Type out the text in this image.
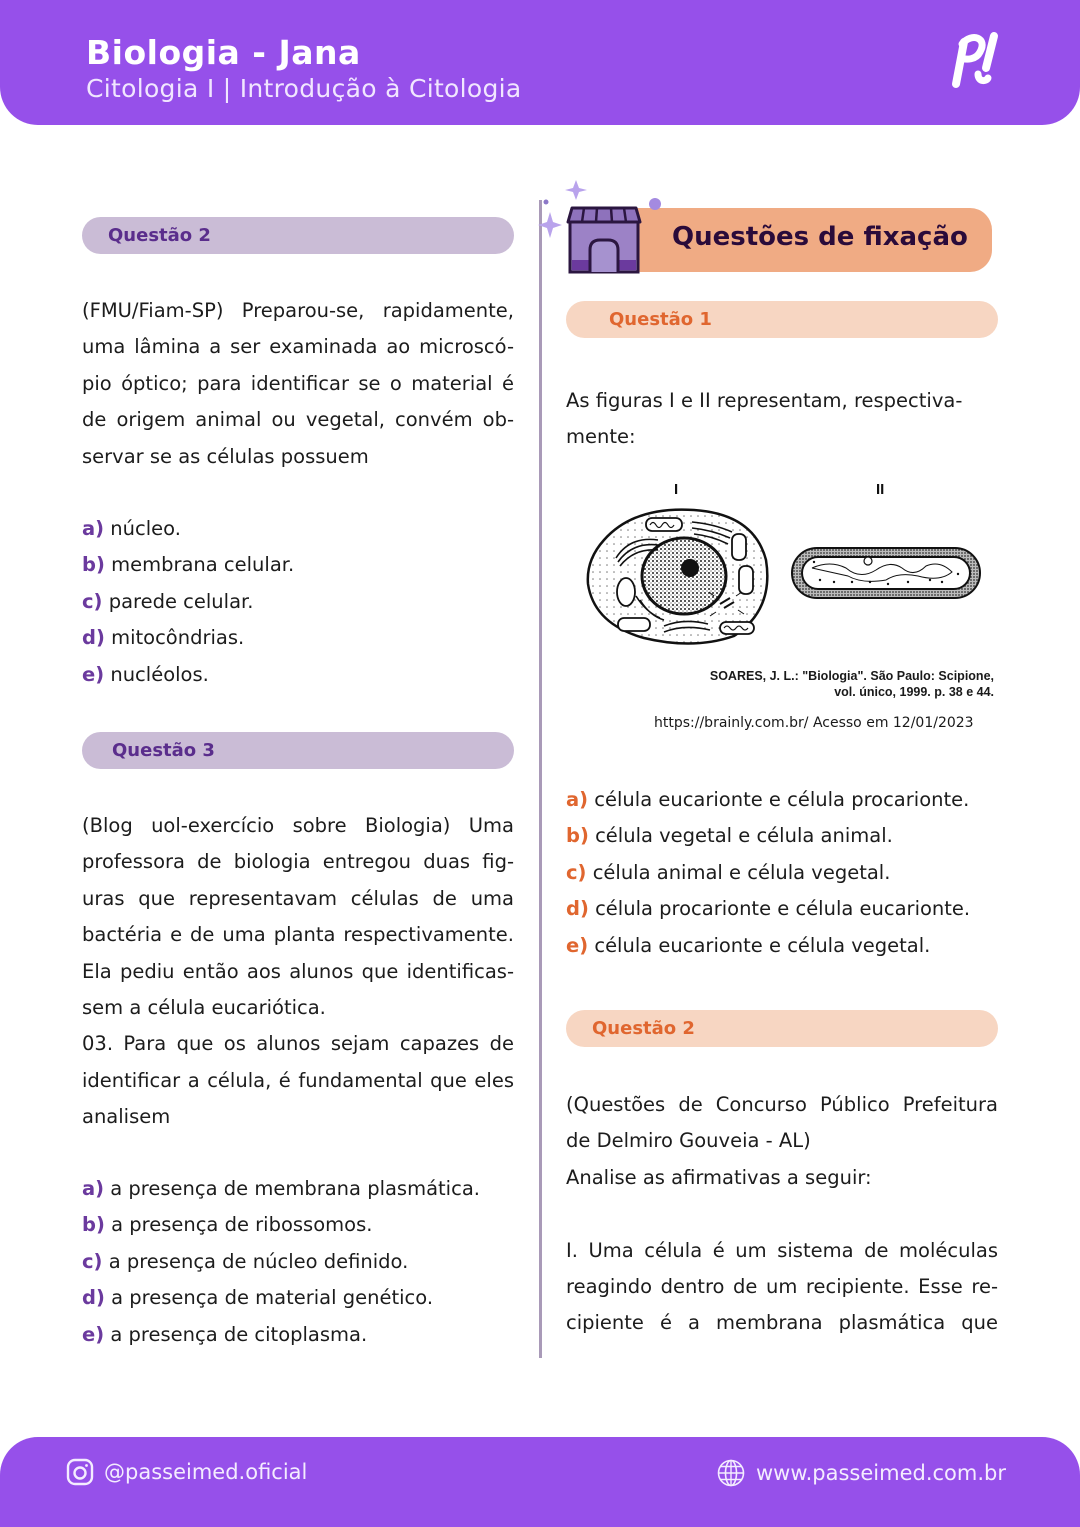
Biologia - Jana
Citologia I | Introdução à Citologia
Questão 2
(FMU/Fiam-SP) Preparou-se, rapidamente,
uma lâmina a ser examinada ao microscó-
pio óptico; para identificar se o material é
de origem animal ou vegetal, convém ob-
servar se as células possuem
a) núcleo.
b) membrana celular.
c) parede celular.
d) mitocôndrias.
e) nucléolos.
Questão 3
(Blog uol-exercício sobre Biologia) Uma
professora de biologia entregou duas fig-
uras que representavam células de uma
bactéria e de uma planta respectivamente.
Ela pediu então aos alunos que identificas-
sem a célula eucariótica.
03. Para que os alunos sejam capazes de
identificar a célula, é fundamental que eles
analisem
a) a presença de membrana plasmática.
b) a presença de ribossomos.
c) a presença de núcleo definido.
d) a presença de material genético.
e) a presença de citoplasma.
Questões de fixação
Questão 1
As figuras I e II representam, respectiva-
mente:
I	II
SOARES, J. L.: "Biologia". São Paulo: Scipione,
vol. único, 1999. p. 38 e 44.
https://brainly.com.br/ Acesso em 12/01/2023
a) célula eucarionte e célula procarionte.
b) célula vegetal e célula animal.
c) célula animal e célula vegetal.
d) célula procarionte e célula eucarionte.
e) célula eucarionte e célula vegetal.
Questão 2
(Questões de Concurso Público Prefeitura
de Delmiro Gouveia - AL)
Analise as afirmativas a seguir:
I. Uma célula é um sistema de moléculas
reagindo dentro de um recipiente. Esse re-
cipiente é a membrana plasmática que
@passeimed.oficial	www.passeimed.com.br
